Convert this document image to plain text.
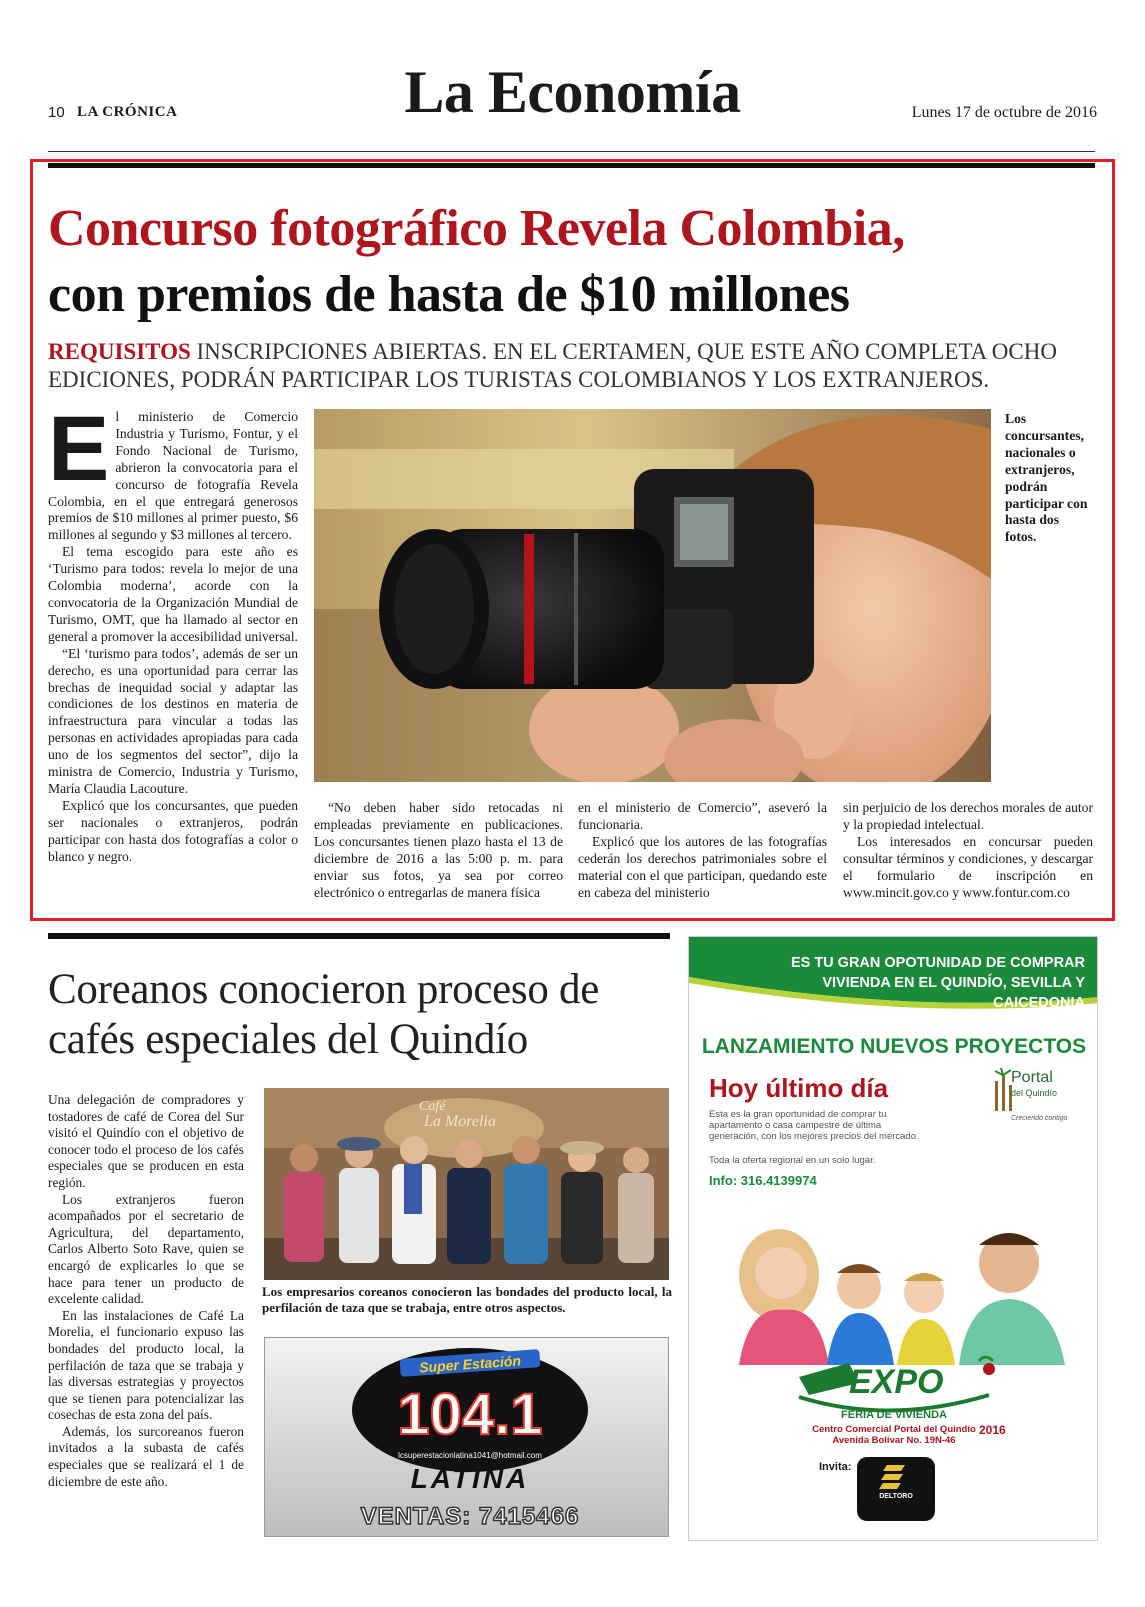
10 LA CRÓNICA	La Economía	Lunes 17 de octubre de 2016
Concurso fotográfico Revela Colombia,
con premios de hasta de $10 millones
REQUISITOS INSCRIPCIONES ABIERTAS. EN EL CERTAMEN, QUE ESTE AÑO COMPLETA OCHO EDICIONES, PODRÁN PARTICIPAR LOS TURISTAS COLOMBIANOS Y LOS EXTRANJEROS.
E l ministerio de Comercio Industria y Turismo, Fontur, y el Fondo Nacional de Turismo, abrieron la convocatoria para el concurso de fotografía Revela Colombia, en el que entregará generosos premios de $10 millones al primer puesto, $6 millones al segundo y $3 millones al tercero.

El tema escogido para este año es ‘Turismo para todos: revela lo mejor de una Colombia moderna’, acorde con la convocatoria de la Organización Mundial de Turismo, OMT, que ha llamado al sector en general a promover la accesibilidad universal.

“El ‘turismo para todos’, además de ser un derecho, es una oportunidad para cerrar las brechas de inequidad social y adaptar las condiciones de los destinos en materia de infraestructura para vincular a todas las personas en actividades apropiadas para cada uno de los segmentos del sector”, dijo la ministra de Comercio, Industria y Turismo, María Claudia Lacouture.

Explicó que los concursantes, que pueden ser nacionales o extranjeros, podrán participar con hasta dos fotografías a color o blanco y negro.

Los concursantes, nacionales o extranjeros, podrán participar con hasta dos fotos.

“No deben haber sido retocadas ni empleadas previamente en publicaciones. Los concursantes tienen plazo hasta el 13 de diciembre de 2016 a las 5:00 p. m. para enviar sus fotos, ya sea por correo electrónico o entregarlas de manera física

en el ministerio de Comercio”, aseveró la funcionaria.

Explicó que los autores de las fotografías cederán los derechos patrimoniales sobre el material con el que participan, quedando este en cabeza del ministerio

sin perjuicio de los derechos morales de autor y la propiedad intelectual.

Los interesados en concursar pueden consultar términos y condiciones, y descargar el formulario de inscripción en www.mincit.gov.co y www.fontur.com.co

Coreanos conocieron proceso de cafés especiales del Quindío

Una delegación de compradores y tostadores de café de Corea del Sur visitó el Quindío con el objetivo de conocer todo el proceso de los cafés especiales que se producen en esta región.

Los extranjeros fueron acompañados por el secretario de Agricultura, del departamento, Carlos Alberto Soto Rave, quien se encargó de explicarles lo que se hace para tener un producto de excelente calidad.

En las instalaciones de Café La Morelia, el funcionario expuso las bondades del producto local, la perfilación de taza que se trabaja y las diversas estrategias y proyectos que se tienen para potencializar las cosechas de esta zona del país.

Además, los surcoreanos fueron invitados a la subasta de cafés especiales que se realizará el 1 de diciembre de este año.

Café
La Morelia
Los empresarios coreanos conocieron las bondades del producto local, la perfilación de taza que se trabaja, entre otros aspectos.
Super Estación
104.1
lcsuperestacionlatina1041@hotmail.com
LATINA
VENTAS: 7415466
ES TU GRAN OPOTUNIDAD DE COMPRAR VIVIENDA EN EL QUINDÍO, SEVILLA Y CAICEDONIA
LANZAMIENTO NUEVOS PROYECTOS
Hoy último día
Esta es la gran oportunidad de comprar tu apartamento o casa campestre de última generación, con los mejores precios del mercado.
Toda la oferta regional en un solo lugar.
Info: 316.4139974
Portal
del Quindío
Creciendo contigo
EXPO
FERIA DE VIVIENDA
Centro Comercial Portal del Quindío
Avenida Bolívar No. 19N-46
2016
Invita:
DELTORO
